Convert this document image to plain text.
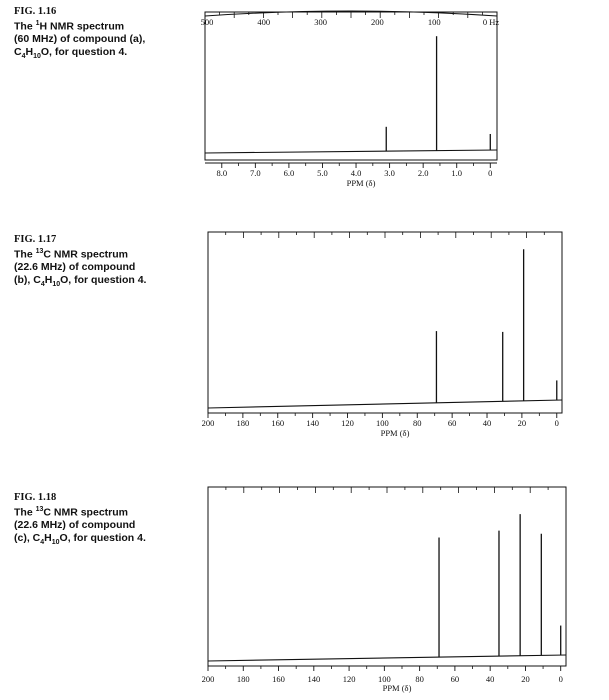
FIG. 1.16
The $^1$H NMR spectrum
(60 MHz) of compound (a),
$C_4H_{10}O$, for question 4.
FIG. 1.17
The $^{13}$C NMR spectrum
(22.6 MHz) of compound
(b), $C_4H_{10}O$, for question 4.
FIG. 1.18
The $^{13}$C NMR spectrum
(22.6 MHz) of compound
(c), $C_4H_{10}O$, for question 4.
500	400	300	200	100	0 Hz
8.0	7.0	6.0	5.0	4.0	3.0	2.0	1.0	0
PPM (δ)
200	180	160	140	120	100	80	60	40	20	0
PPM (δ)
200	180	160	140	120	100	80	60	40	20	0
PPM (δ)
